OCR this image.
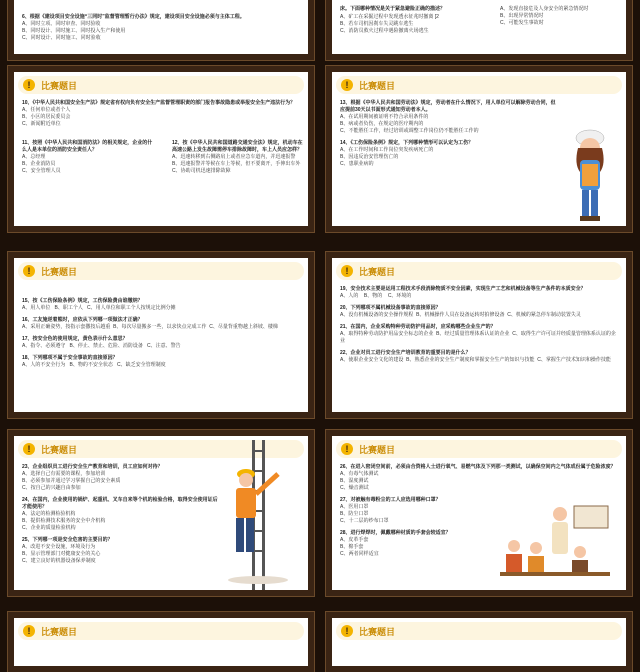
6、根据《建设项目安全设施“三同时”监督管理暂行办法》规定，建设项目安全设施必须与主体工程。
A、同时立项、同时审查、同时验收
B、同时设计、同时施工、同时投入生产和使用
C、同时设计、同时施工、同时验收
床。下面哪种情况是关于紧急避险正确的描述？
A、矿工在采掘过程中发现透水征兆时撤离 [2
B、若车司机因刹车失灵跳车逃生
C、消防员救火过程中遇险撤离火场逃生
A、发现直接危及人身安全的紧急情况时
B、出现异常情况时
C、可能发生事故时
!	比赛题目
10、《中华人民共和国安全生产法》规定省有权向负有安全生产监督管理职责的部门报告事故隐患或举报安全生产违法行为？
A、任何单位或者个人
B、小区的居民委员会
C、新闻附近单位
11、按照《中华人民共和国消防法》的相关规定，企业的什么人是本单位的消防安全责任人？
A、总经理
B、企业消防员
C、安全管理人员
12、按《中华人民共和国道路交通安全法》规定，机动车在高速公路上发生故障需停车排除故障时，车上人员应怎样？
A、迅速转移到右侧路肩上或者应急车道内，并迅速报警
B、迅速报警并等候在车上等候，但不要离开，手伸出车外
C、协助司机迅速排除故障
!	比赛题目
13、根据《中华人民共和国劳动法》规定，劳动者在什么情况下，用人单位可以解除劳动合同，但应提前30天以书面形式通知劳动者本人。
A、在试用期间被证明不符合录用条件的
B、病或者负伤，在规定的医疗期内的
C、不能胜任工作，经过培训或调整工作岗位仍不能胜任工作的
14、《工伤保险条例》规定，下列哪种情形可以认定为工伤？
A、在工作时间和工作岗位突发疾病死亡的
B、因违反治安管理伤亡的
C、患职业病的
!	比赛题目
15、按《工伤保险条例》规定，工伤保险费由谁缴纳？
A、用人单位 B、职工个人 C、用人单位和职工个人按规定比例分摊
16、工友施逆着熊时，应依从下列哪一项做法才正确？
A、采用正确姿势，按指示套撒按后越重 B、每次尽量搬多一些，以求快点完成工作 C、尽量背重物越上斜坡、楼梯
17、按安全色的使用规定，黄色表示什么意思？
A、指令、必须遵守 B、停止、禁止、危险、消防设备 C、注意、警告
18、下列哪项不属于安全事故的直接原因？
A、人的不安全行为 B、物的不安全状态 C、缺乏安全管理制度
!	比赛题目
19、安全技术主要是运用工程技术手段消除物质不安全因素，实现生产工艺和机械设备等生产条件的本质安全？
A、人的 B、物的 C、环境的
20、下列哪项不属机械设备事故的直接原因？
A、没有机械设备的安全操作规程 B、机械操作人员在设备运转时拍修设备 C、机械的紧急停车制动装置失灵
21、在国内，企业采购特种劳动防护用品时，应采购哪些企业生产的？
A、取得特种劳动防护用品安全标志的企业 B、经过质量管理体系认证的企业 C、取得生产许可证并经质量管理体系认证的企业
22、企业对员工进行安全生产培训教育的重要目的是什么？
A、使职企业安全文化的建设 B、熟悉企业的安全生产制度和掌握安全生产的知识与技能 C、掌握生产技术知识和操作技能
!	比赛题目
23、企业组织员工进行安全生产教育和培训，员工应如何对待？
A、选择自己有需要的课程，参加培训
B、必须参加并通过学习掌握自己的安全素质
C、按自己的兴趣自由参加
24、在国内，企业使用的锅炉、起重机、叉车自来等个机的检验合格，取得安全使用证后才能使用？
A、法定的检测检验机构
B、提供检测技术服务的安全中介机构
C、企业的质量检验机构
25、下列哪一项是安全危害的主要目的？
A、改进不安全设施，环境及行为
B、显示管理部门对健康安全的关心
C、建立良好的机器设备保养制度
!	比赛题目
26、在进入密闭空间前，必须由合资格人士进行氧气、易燃气体及下列那一类测试，以确保空间内之气体成份属于危险浓度？
A、有毒气体测试
B、湿度测试
C、燥音测试
27、对被触有毒粉尘的工人应选用哪种口罩？
A、医用口罩
B、防尘口罩
C、十二层的纱布口罩
28、进行焊焊时，佩戴哪种材质的手套会较适宜？
A、皮革手套
B、棉手套
C、两者同样适宜
!	比赛题目	!	比赛题目
